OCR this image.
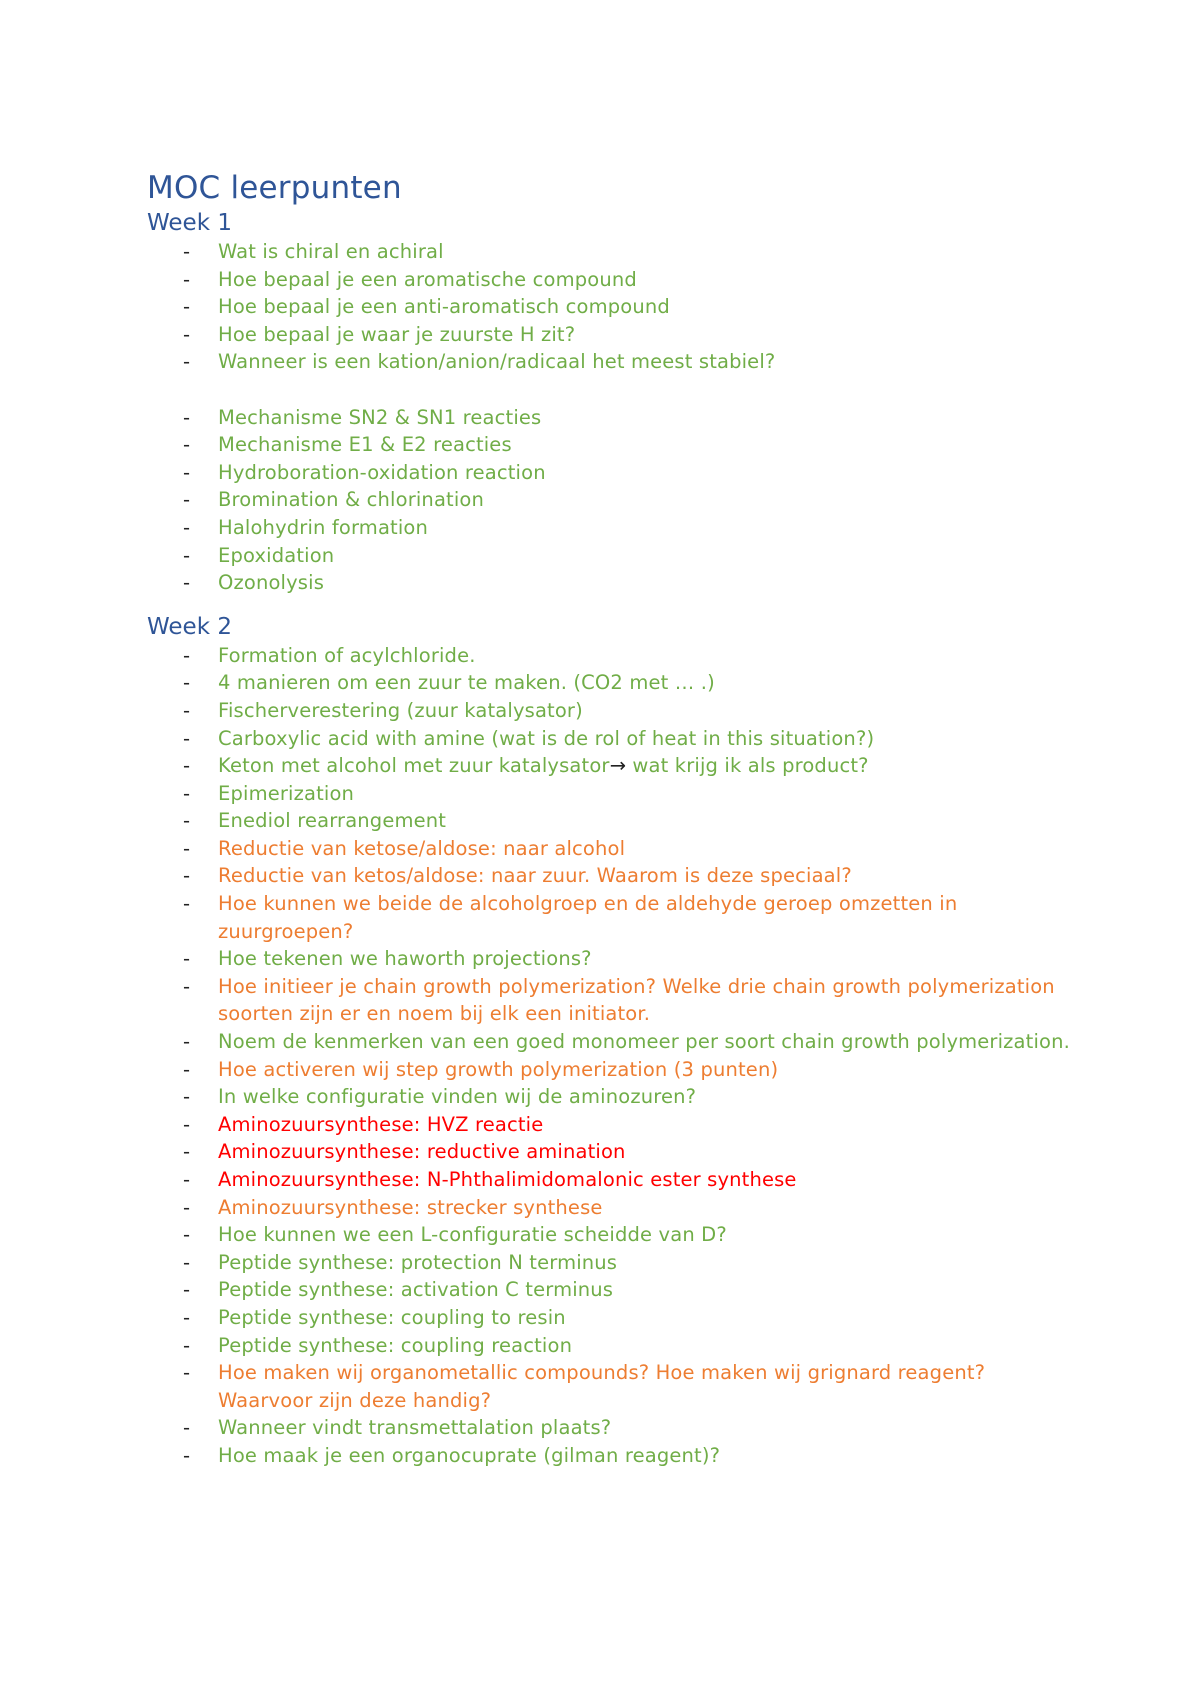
MOC leerpunten
Week 1
- Wat is chiral en achiral
- Hoe bepaal je een aromatische compound
- Hoe bepaal je een anti-aromatisch compound
- Hoe bepaal je waar je zuurste H zit?
- Wanneer is een kation/anion/radicaal het meest stabiel?
- Mechanisme SN2 & SN1 reacties
- Mechanisme E1 & E2 reacties
- Hydroboration-oxidation reaction
- Bromination & chlorination
- Halohydrin formation
- Epoxidation
- Ozonolysis
Week 2
- Formation of acylchloride.
- 4 manieren om een zuur te maken. (CO2 met … .)
- Fischerverestering (zuur katalysator)
- Carboxylic acid with amine (wat is de rol of heat in this situation?)
- Keton met alcohol met zuur katalysator→ wat krijg ik als product?
- Epimerization
- Enediol rearrangement
- Reductie van ketose/aldose: naar alcohol
- Reductie van ketos/aldose: naar zuur. Waarom is deze speciaal?
- Hoe kunnen we beide de alcoholgroep en de aldehyde geroep omzetten in zuurgroepen?
- Hoe tekenen we haworth projections?
- Hoe initieer je chain growth polymerization? Welke drie chain growth polymerization soorten zijn er en noem bij elk een initiator.
- Noem de kenmerken van een goed monomeer per soort chain growth polymerization.
- Hoe activeren wij step growth polymerization (3 punten)
- In welke configuratie vinden wij de aminozuren?
- Aminozuursynthese: HVZ reactie
- Aminozuursynthese: reductive amination
- Aminozuursynthese: N-Phthalimidomalonic ester synthese
- Aminozuursynthese: strecker synthese
- Hoe kunnen we een L-configuratie scheidde van D?
- Peptide synthese: protection N terminus
- Peptide synthese: activation C terminus
- Peptide synthese: coupling to resin
- Peptide synthese: coupling reaction
- Hoe maken wij organometallic compounds? Hoe maken wij grignard reagent? Waarvoor zijn deze handig?
- Wanneer vindt transmettalation plaats?
- Hoe maak je een organocuprate (gilman reagent)?
